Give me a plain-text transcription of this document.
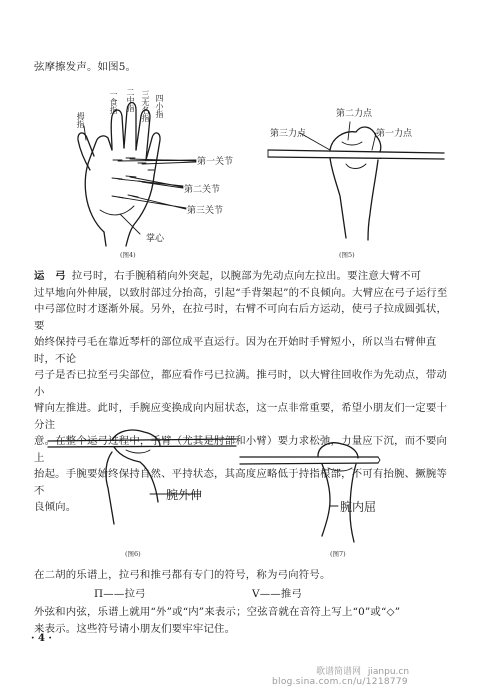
弦摩擦发声。如图5。
拇指
一食指 二中指 三无名指 四小指
第一关节
第二关节
第三关节
掌心
(图4)
第二力点
第三力点	第一力点
(图5)
运　弓 拉弓时，右手腕稍稍向外突起，以腕部为先动点向左拉出。要注意大臂不可
过早地向外伸展，以致肘部过分抬高，引起“手背架起”的不良倾向。大臂应在弓子运行至
中弓部位时才逐渐外展。另外，在拉弓时，右臂不可向右后方运动，使弓子拉成圆弧状，要
始终保持弓毛在靠近琴杆的部位成平直运行。因为在开始时手臂短小，所以当右臂伸直时，不论
弓子是否已拉至弓尖部位，都应看作弓已拉满。推弓时，以大臂往回收作为先动点，带动小
臂向左推进。此时，手腕应变换成向内屈状态，这一点非常重要，希望小朋友们一定要十分注
意。在整个运弓过程中，手臂（尤其是肘部和小臂）要力求松弛，力量应下沉，而不要向上
抬起。手腕要始终保持自然、平持状态，其高度应略低于持指根部，不可有抬腕、撅腕等不
良倾向。
腕外伸
(图6)
腕内屈
(图7)
在二胡的乐谱上，拉弓和推弓都有专门的符号，称为弓向符号。
П——拉弓	V——推弓
外弦和内弦，乐谱上就用“外”或“内”来表示；空弦音就在音符上写上“0”或“◇”
来表示。这些符号请小朋友们要牢牢记住。
· 4 ·
歌谱简谱网 jianpu.cn
blog.sina.com.cn/u/1218779
